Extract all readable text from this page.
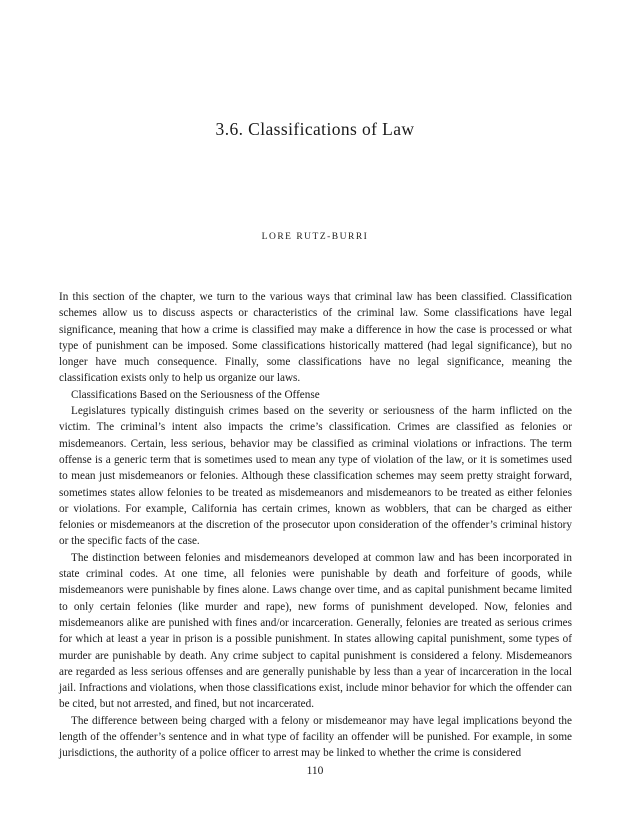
3.6. Classifications of Law

LORE RUTZ-BURRI

In this section of the chapter, we turn to the various ways that criminal law has been classified. Classification schemes allow us to discuss aspects or characteristics of the criminal law. Some classifications have legal significance, meaning that how a crime is classified may make a difference in how the case is processed or what type of punishment can be imposed. Some classifications historically mattered (had legal significance), but no longer have much consequence. Finally, some classifications have no legal significance, meaning the classification exists only to help us organize our laws.

Classifications Based on the Seriousness of the Offense

Legislatures typically distinguish crimes based on the severity or seriousness of the harm inflicted on the victim. The criminal’s intent also impacts the crime’s classification. Crimes are classified as felonies or misdemeanors. Certain, less serious, behavior may be classified as criminal violations or infractions. The term offense is a generic term that is sometimes used to mean any type of violation of the law, or it is sometimes used to mean just misdemeanors or felonies. Although these classification schemes may seem pretty straight forward, sometimes states allow felonies to be treated as misdemeanors and misdemeanors to be treated as either felonies or violations. For example, California has certain crimes, known as wobblers, that can be charged as either felonies or misdemeanors at the discretion of the prosecutor upon consideration of the offender’s criminal history or the specific facts of the case.

The distinction between felonies and misdemeanors developed at common law and has been incorporated in state criminal codes. At one time, all felonies were punishable by death and forfeiture of goods, while misdemeanors were punishable by fines alone. Laws change over time, and as capital punishment became limited to only certain felonies (like murder and rape), new forms of punishment developed. Now, felonies and misdemeanors alike are punished with fines and/or incarceration. Generally, felonies are treated as serious crimes for which at least a year in prison is a possible punishment. In states allowing capital punishment, some types of murder are punishable by death. Any crime subject to capital punishment is considered a felony. Misdemeanors are regarded as less serious offenses and are generally punishable by less than a year of incarceration in the local jail. Infractions and violations, when those classifications exist, include minor behavior for which the offender can be cited, but not arrested, and fined, but not incarcerated.

The difference between being charged with a felony or misdemeanor may have legal implications beyond the length of the offender’s sentence and in what type of facility an offender will be punished. For example, in some jurisdictions, the authority of a police officer to arrest may be linked to whether the crime is considered

110
